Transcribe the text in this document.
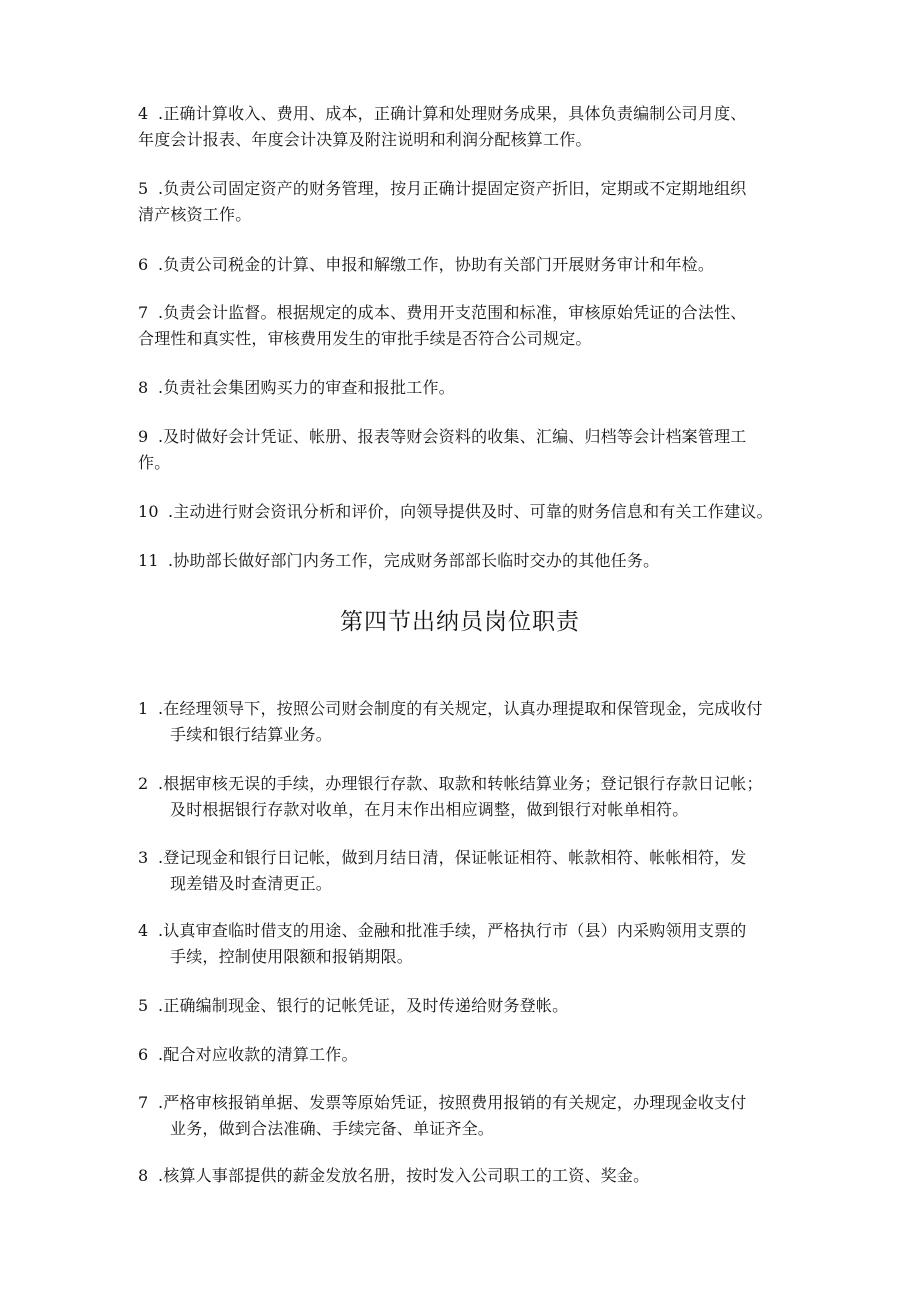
4 .正确计算收入、费用、成本，正确计算和处理财务成果，具体负责编制公司月度、
年度会计报表、年度会计决算及附注说明和利润分配核算工作。
5 .负责公司固定资产的财务管理，按月正确计提固定资产折旧，定期或不定期地组织
清产核资工作。
6 .负责公司税金的计算、申报和解缴工作，协助有关部门开展财务审计和年检。
7 .负责会计监督。根据规定的成本、费用开支范围和标准，审核原始凭证的合法性、
合理性和真实性，审核费用发生的审批手续是否符合公司规定。
8 .负责社会集团购买力的审查和报批工作。
9 .及时做好会计凭证、帐册、报表等财会资料的收集、汇编、归档等会计档案管理工
作。
10 .主动进行财会资讯分析和评价，向领导提供及时、可靠的财务信息和有关工作建议。
11 .协助部长做好部门内务工作，完成财务部部长临时交办的其他任务。
第四节出纳员岗位职责
1 .在经理领导下，按照公司财会制度的有关规定，认真办理提取和保管现金，完成收付
手续和银行结算业务。
2 .根据审核无误的手续，办理银行存款、取款和转帐结算业务；登记银行存款日记帐；
及时根据银行存款对收单，在月末作出相应调整，做到银行对帐单相符。
3 .登记现金和银行日记帐，做到月结日清，保证帐证相符、帐款相符、帐帐相符，发
现差错及时查清更正。
4 .认真审查临时借支的用途、金融和批准手续，严格执行市（县）内采购领用支票的
手续，控制使用限额和报销期限。
5 .正确编制现金、银行的记帐凭证，及时传递给财务登帐。
6 .配合对应收款的清算工作。
7 .严格审核报销单据、发票等原始凭证，按照费用报销的有关规定，办理现金收支付
业务，做到合法准确、手续完备、单证齐全。
8 .核算人事部提供的薪金发放名册，按时发入公司职工的工资、奖金。
